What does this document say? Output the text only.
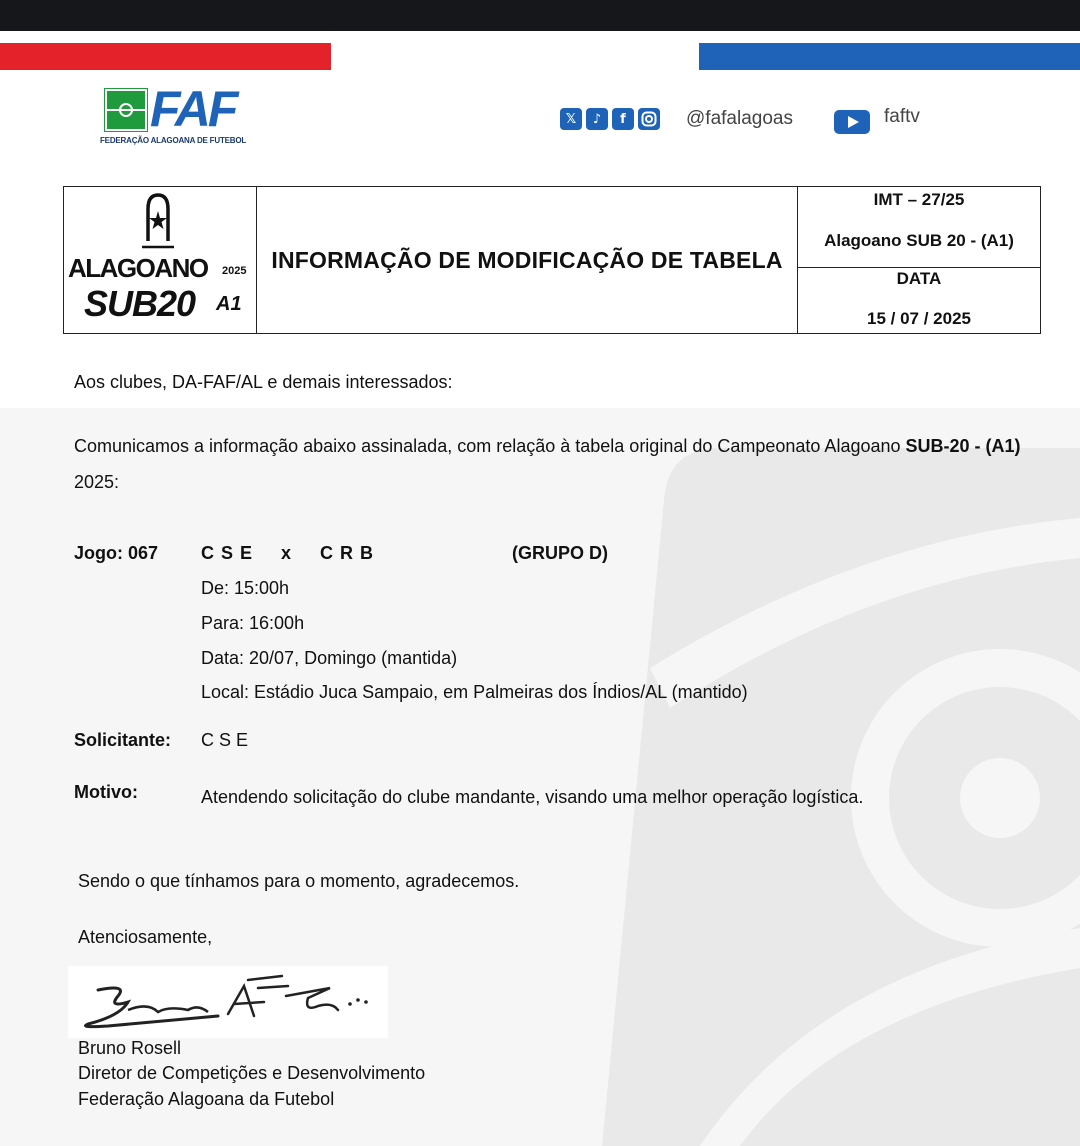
FAF
FEDERAÇÃO ALAGOANA DE FUTEBOL
𝕏	♪	f	@fafalagoas	faftv
ALAGOANO 2025
SUB20 A1
INFORMAÇÃO DE MODIFICAÇÃO DE TABELA
IMT – 27/25
Alagoano SUB 20 - (A1)
DATA
15 / 07 / 2025
Aos clubes, DA-FAF/AL e demais interessados:
Comunicamos a informação abaixo assinalada, com relação à tabela original do Campeonato Alagoano SUB-20 - (A1) 2025:
Jogo: 067 C S E x C R B	(GRUPO D)
De: 15:00h
Para: 16:00h
Data: 20/07, Domingo (mantida)
Local: Estádio Juca Sampaio, em Palmeiras dos Índios/AL (mantido)
Solicitante: C S E
Motivo:	Atendendo solicitação do clube mandante, visando uma melhor operação logística.
Sendo o que tínhamos para o momento, agradecemos.
Atenciosamente,
Bruno Rosell
Diretor de Competições e Desenvolvimento
Federação Alagoana da Futebol
